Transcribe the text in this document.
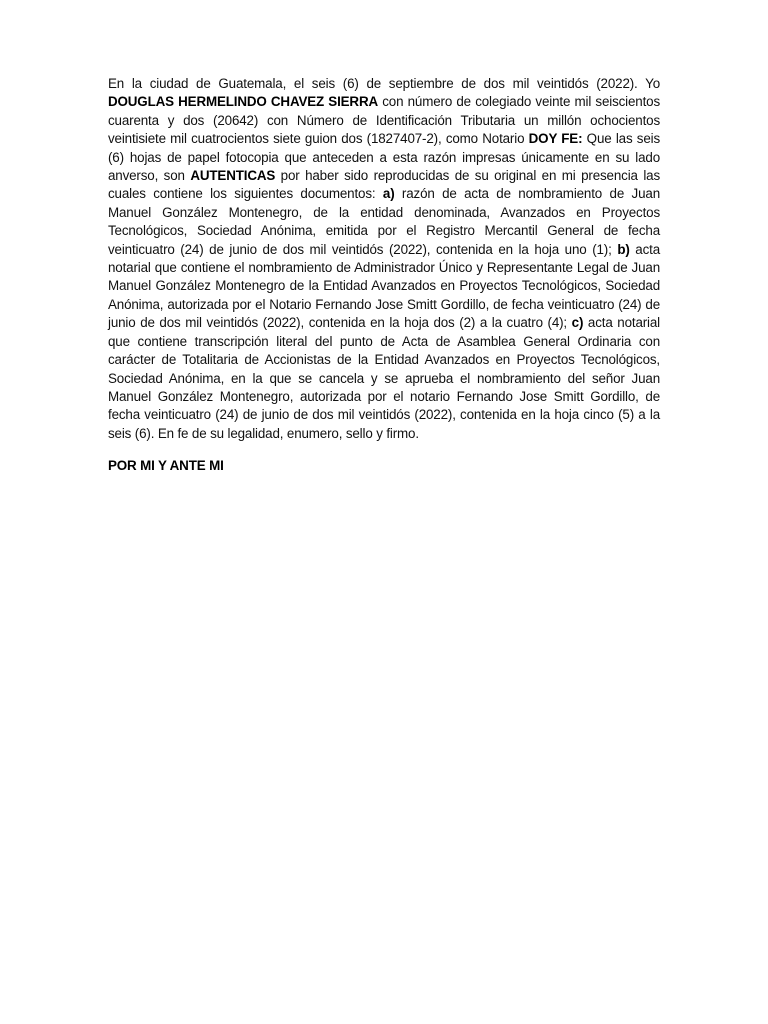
En la ciudad de Guatemala, el seis (6) de septiembre de dos mil veintidós (2022). Yo DOUGLAS HERMELINDO CHAVEZ SIERRA con número de colegiado veinte mil seiscientos cuarenta y dos (20642) con Número de Identificación Tributaria un millón ochocientos veintisiete mil cuatrocientos siete guion dos (1827407-2), como Notario DOY FE: Que las seis (6) hojas de papel fotocopia que anteceden a esta razón impresas únicamente en su lado anverso, son AUTENTICAS por haber sido reproducidas de su original en mi presencia las cuales contiene los siguientes documentos: a) razón de acta de nombramiento de Juan Manuel González Montenegro, de la entidad denominada, Avanzados en Proyectos Tecnológicos, Sociedad Anónima, emitida por el Registro Mercantil General de fecha veinticuatro (24) de junio de dos mil veintidós (2022), contenida en la hoja uno (1); b) acta notarial que contiene el nombramiento de Administrador Único y Representante Legal de Juan Manuel González Montenegro de la Entidad Avanzados en Proyectos Tecnológicos, Sociedad Anónima, autorizada por el Notario Fernando Jose Smitt Gordillo, de fecha veinticuatro (24) de junio de dos mil veintidós (2022), contenida en la hoja dos (2) a la cuatro (4); c) acta notarial que contiene transcripción literal del punto de Acta de Asamblea General Ordinaria con carácter de Totalitaria de Accionistas de la Entidad Avanzados en Proyectos Tecnológicos, Sociedad Anónima, en la que se cancela y se aprueba el nombramiento del señor Juan Manuel González Montenegro, autorizada por el notario Fernando Jose Smitt Gordillo, de fecha veinticuatro (24) de junio de dos mil veintidós (2022), contenida en la hoja cinco (5) a la seis (6). En fe de su legalidad, enumero, sello y firmo.

POR MI Y ANTE MI
